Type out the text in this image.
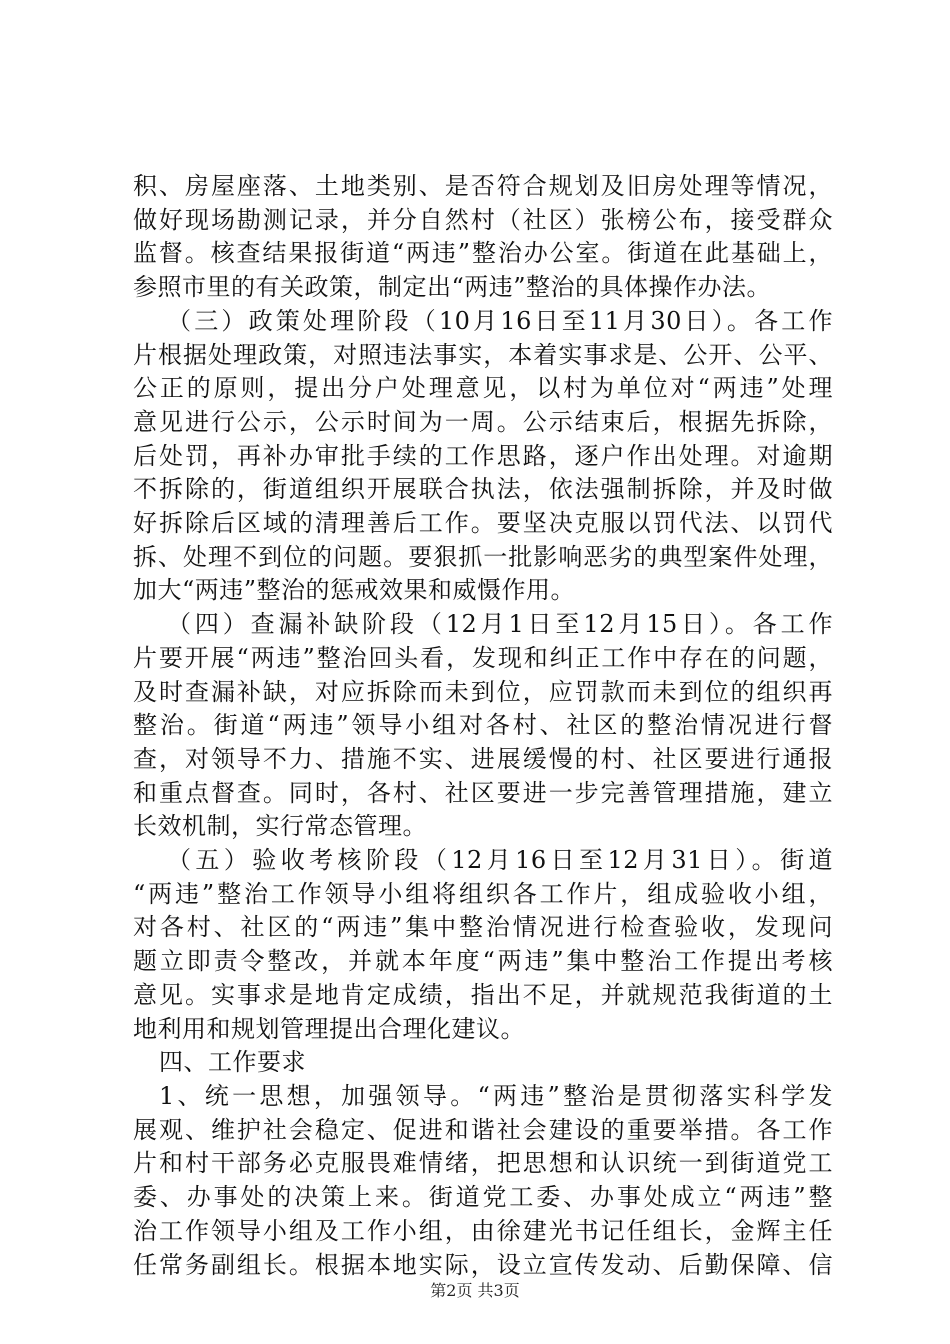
积、房屋座落、土地类别、是否符合规划及旧房处理等情况，
做好现场勘测记录，并分自然村（社区）张榜公布，接受群众
监督。核查结果报街道“两违”整治办公室。街道在此基础上，
参照市里的有关政策，制定出“两违”整治的具体操作办法。
（三）政策处理阶段（10月16日至11月30日）。各工作
片根据处理政策，对照违法事实，本着实事求是、公开、公平、
公正的原则，提出分户处理意见，以村为单位对“两违”处理
意见进行公示，公示时间为一周。公示结束后，根据先拆除，
后处罚，再补办审批手续的工作思路，逐户作出处理。对逾期
不拆除的，街道组织开展联合执法，依法强制拆除，并及时做
好拆除后区域的清理善后工作。要坚决克服以罚代法、以罚代
拆、处理不到位的问题。要狠抓一批影响恶劣的典型案件处理，
加大“两违”整治的惩戒效果和威慑作用。
（四）查漏补缺阶段（12月1日至12月15日）。各工作
片要开展“两违”整治回头看，发现和纠正工作中存在的问题，
及时查漏补缺，对应拆除而未到位，应罚款而未到位的组织再
整治。街道“两违”领导小组对各村、社区的整治情况进行督
查，对领导不力、措施不实、进展缓慢的村、社区要进行通报
和重点督查。同时，各村、社区要进一步完善管理措施，建立
长效机制，实行常态管理。
（五）验收考核阶段（12月16日至12月31日）。街道
“两违”整治工作领导小组将组织各工作片，组成验收小组，
对各村、社区的“两违”集中整治情况进行检查验收，发现问
题立即责令整改，并就本年度“两违”集中整治工作提出考核
意见。实事求是地肯定成绩，指出不足，并就规范我街道的土
地利用和规划管理提出合理化建议。
四、工作要求
1、统一思想，加强领导。“两违”整治是贯彻落实科学发
展观、维护社会稳定、促进和谐社会建设的重要举措。各工作
片和村干部务必克服畏难情绪，把思想和认识统一到街道党工
委、办事处的决策上来。街道党工委、办事处成立“两违”整
治工作领导小组及工作小组，由徐建光书记任组长，金辉主任
任常务副组长。根据本地实际，设立宣传发动、后勤保障、信
第2页 共3页
